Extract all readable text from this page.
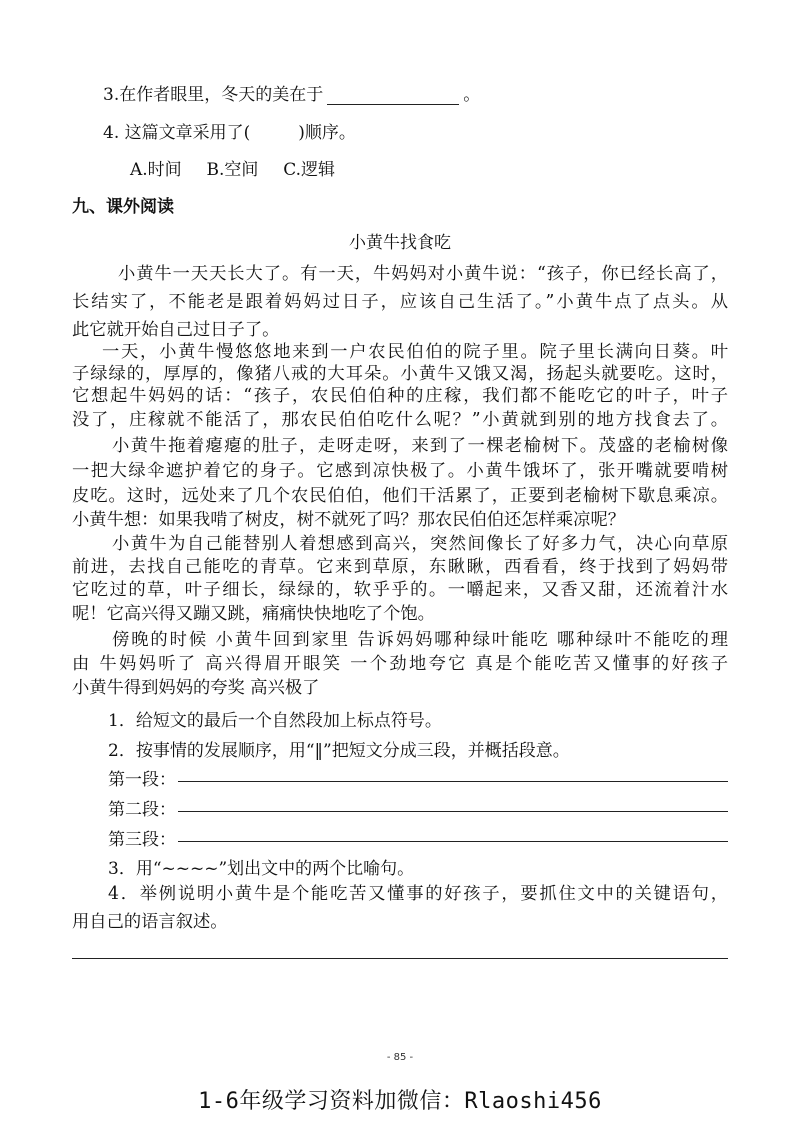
3.在作者眼里，冬天的美在于	。
4. 这篇文章采用了(	)顺序。
A.时间 B.空间 C.逻辑
九、课外阅读
小黄牛找食吃
小黄牛一天天长大了。有一天，牛妈妈对小黄牛说：“孩子，你已经长高了，
长结实了，不能老是跟着妈妈过日子，应该自己生活了。”小黄牛点了点头。从
此它就开始自己过日子了。
一天，小黄牛慢悠悠地来到一户农民伯伯的院子里。院子里长满向日葵。叶
子绿绿的，厚厚的，像猪八戒的大耳朵。小黄牛又饿又渴，扬起头就要吃。这时，
它想起牛妈妈的话：“孩子，农民伯伯种的庄稼，我们都不能吃它的叶子，叶子
没了，庄稼就不能活了，那农民伯伯吃什么呢？”小黄就到别的地方找食去了。
小黄牛拖着瘪瘪的肚子，走呀走呀，来到了一棵老榆树下。茂盛的老榆树像
一把大绿伞遮护着它的身子。它感到凉快极了。小黄牛饿坏了，张开嘴就要啃树
皮吃。这时，远处来了几个农民伯伯，他们干活累了，正要到老榆树下歇息乘凉。
小黄牛想：如果我啃了树皮，树不就死了吗？那农民伯伯还怎样乘凉呢？
小黄牛为自己能替别人着想感到高兴，突然间像长了好多力气，决心向草原
前进，去找自己能吃的青草。它来到草原，东瞅瞅，西看看，终于找到了妈妈带
它吃过的草，叶子细长，绿绿的，软乎乎的。一嚼起来，又香又甜，还流着汁水
呢！它高兴得又蹦又跳，痛痛快快地吃了个饱。
傍晚的时候 小黄牛回到家里 告诉妈妈哪种绿叶能吃 哪种绿叶不能吃的理
由 牛妈妈听了 高兴得眉开眼笑 一个劲地夸它 真是个能吃苦又懂事的好孩子
小黄牛得到妈妈的夸奖 高兴极了
1．给短文的最后一个自然段加上标点符号。
2．按事情的发展顺序，用“‖”把短文分成三段，并概括段意。
第一段：
第二段：
第三段：
3．用“~~~~”划出文中的两个比喻句。
4．举例说明小黄牛是个能吃苦又懂事的好孩子，要抓住文中的关键语句，
用自己的语言叙述。
- 85 -
1-6年级学习资料加微信：Rlaoshi456
